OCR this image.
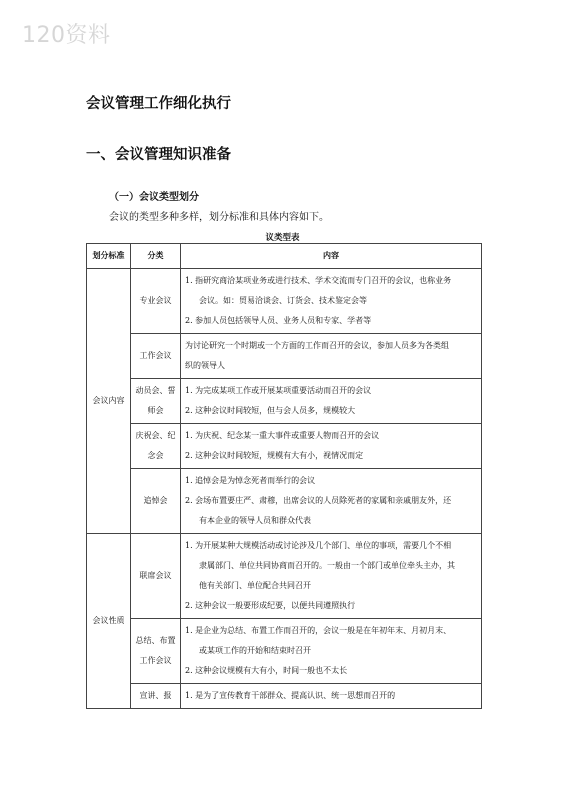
120资料
会议管理工作细化执行
一、会议管理知识准备
（一）会议类型划分
会议的类型多种多样，划分标准和具体内容如下。
议类型表
划分标准	分类	内容
会议内容	专业会议	1. 指研究商洽某项业务或进行技术、学术交流而专门召开的会议，也称业务
会议。如：贸易洽谈会、订货会、技术鉴定会等
2. 参加人员包括领导人员、业务人员和专家、学者等

	工作会议	为讨论研究一个时期或一个方面的工作而召开的会议，参加人员多为各类组
织的领导人

	动员会、誓师会	1. 为完成某项工作或开展某项重要活动而召开的会议
2. 这种会议时间较短，但与会人员多，规模较大

	庆祝会、纪念会	1. 为庆祝、纪念某一重大事件或重要人物而召开的会议
2. 这种会议时间较短，规模有大有小，视情况而定

	追悼会	1. 追悼会是为悼念死者而举行的会议
2. 会场布置要庄严、肃穆，出席会议的人员除死者的家属和亲戚朋友外，还
有本企业的领导人员和群众代表

会议性质	联席会议	1. 为开展某种大规模活动或讨论涉及几个部门、单位的事项，需要几个不相
隶属部门、单位共同协商而召开的。一般由一个部门或单位牵头主办，其
他有关部门、单位配合共同召开
2. 这种会议一般要形成纪要，以便共同遵照执行

	总结、布置工作会议	1. 是企业为总结、布置工作而召开的，会议一般是在年初年末、月初月末、
或某项工作的开始和结束时召开
2. 这种会议规模有大有小，时间一般也不太长

	宣讲、报	1. 是为了宣传教育干部群众、提高认识、统一思想而召开的
